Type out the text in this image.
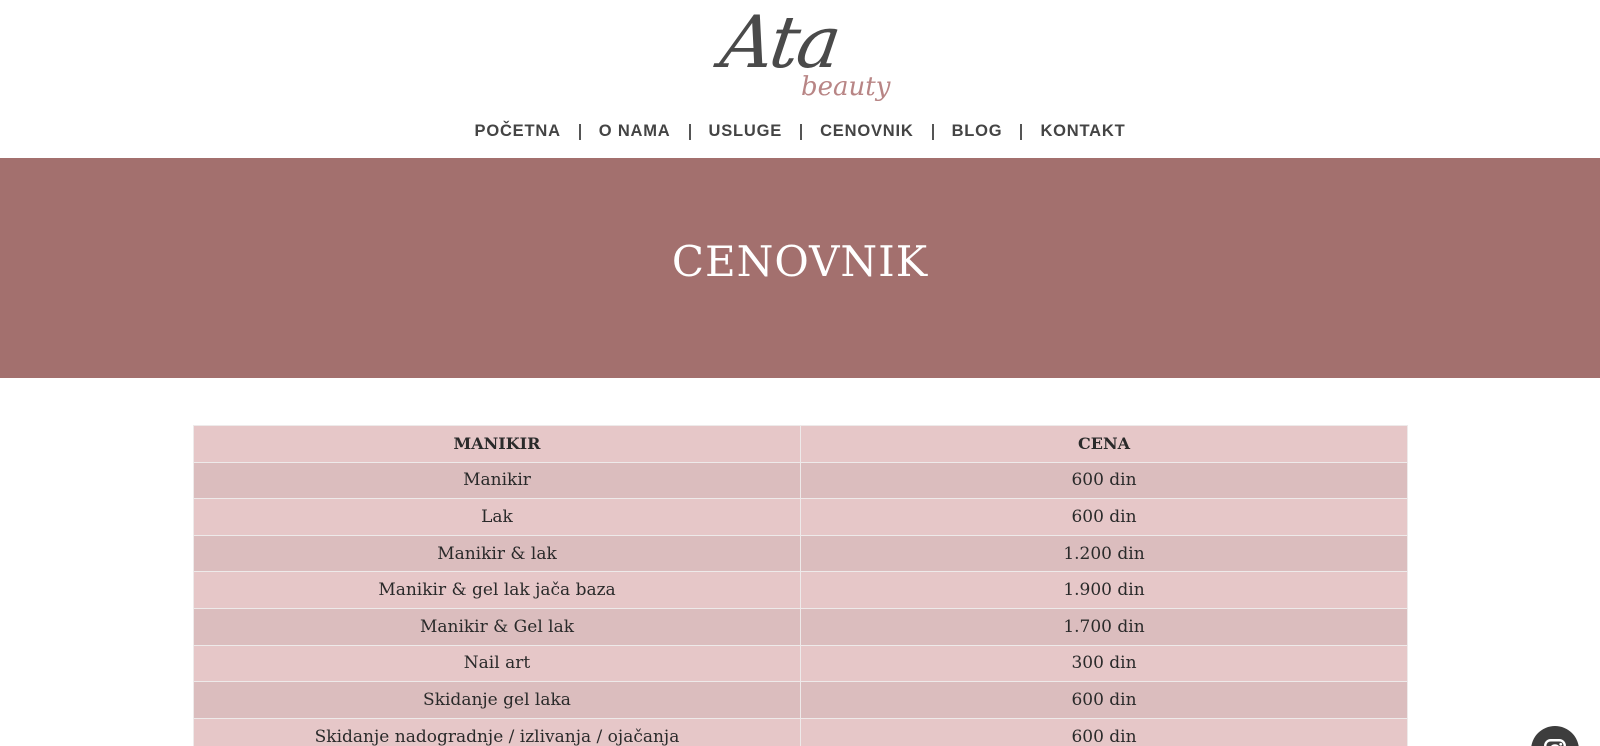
Ata
beauty
POČETNA O NAMA USLUGE CENOVNIK BLOG KONTAKT
CENOVNIK
MANIKIR	CENA
Manikir	600 din
Lak	600 din
Manikir & lak	1.200 din
Manikir & gel lak jača baza	1.900 din
Manikir & Gel lak	1.700 din
Nail art	300 din
Skidanje gel laka	600 din
Skidanje nadogradnje / izlivanja / ojačanja	600 din
